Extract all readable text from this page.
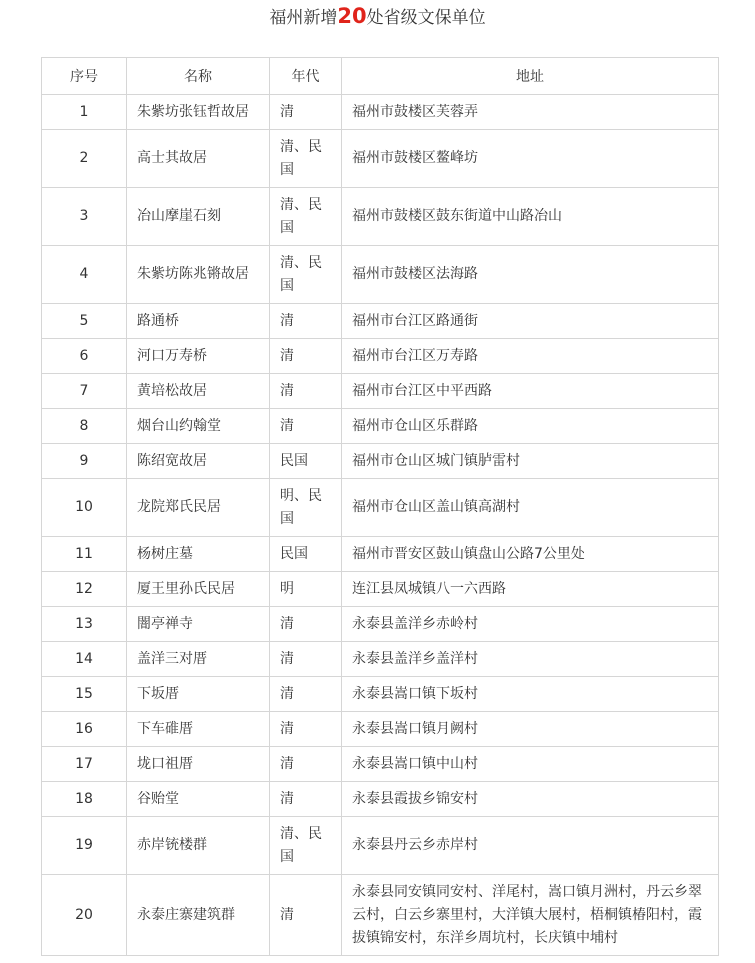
福州新增20处省级文保单位
序号	名称	年代	地址
1	朱紫坊张钰哲故居	清	福州市鼓楼区芙蓉弄
2	高士其故居	清、民国	福州市鼓楼区鳌峰坊
3	冶山摩崖石刻	清、民国	福州市鼓楼区鼓东街道中山路冶山
4	朱紫坊陈兆锵故居	清、民国	福州市鼓楼区法海路
5	路通桥	清	福州市台江区路通街
6	河口万寿桥	清	福州市台江区万寿路
7	黄培松故居	清	福州市台江区中平西路
8	烟台山约翰堂	清	福州市仓山区乐群路
9	陈绍宽故居	民国	福州市仓山区城门镇胪雷村
10	龙院郑氏民居	明、民国	福州市仓山区盖山镇高湖村
11	杨树庄墓	民国	福州市晋安区鼓山镇盘山公路7公里处
12	厦王里孙氏民居	明	连江县凤城镇八一六西路
13	闇亭禅寺	清	永泰县盖洋乡赤岭村
14	盖洋三对厝	清	永泰县盖洋乡盖洋村
15	下坂厝	清	永泰县嵩口镇下坂村
16	下车碓厝	清	永泰县嵩口镇月阙村
17	垅口祖厝	清	永泰县嵩口镇中山村
18	谷贻堂	清	永泰县霞拔乡锦安村
19	赤岸铳楼群	清、民国	永泰县丹云乡赤岸村
20	永泰庄寨建筑群	清	永泰县同安镇同安村、洋尾村，嵩口镇月洲村，丹云乡翠云村，白云乡寨里村，大洋镇大展村，梧桐镇椿阳村，霞拔镇锦安村，东洋乡周坑村，长庆镇中埔村
